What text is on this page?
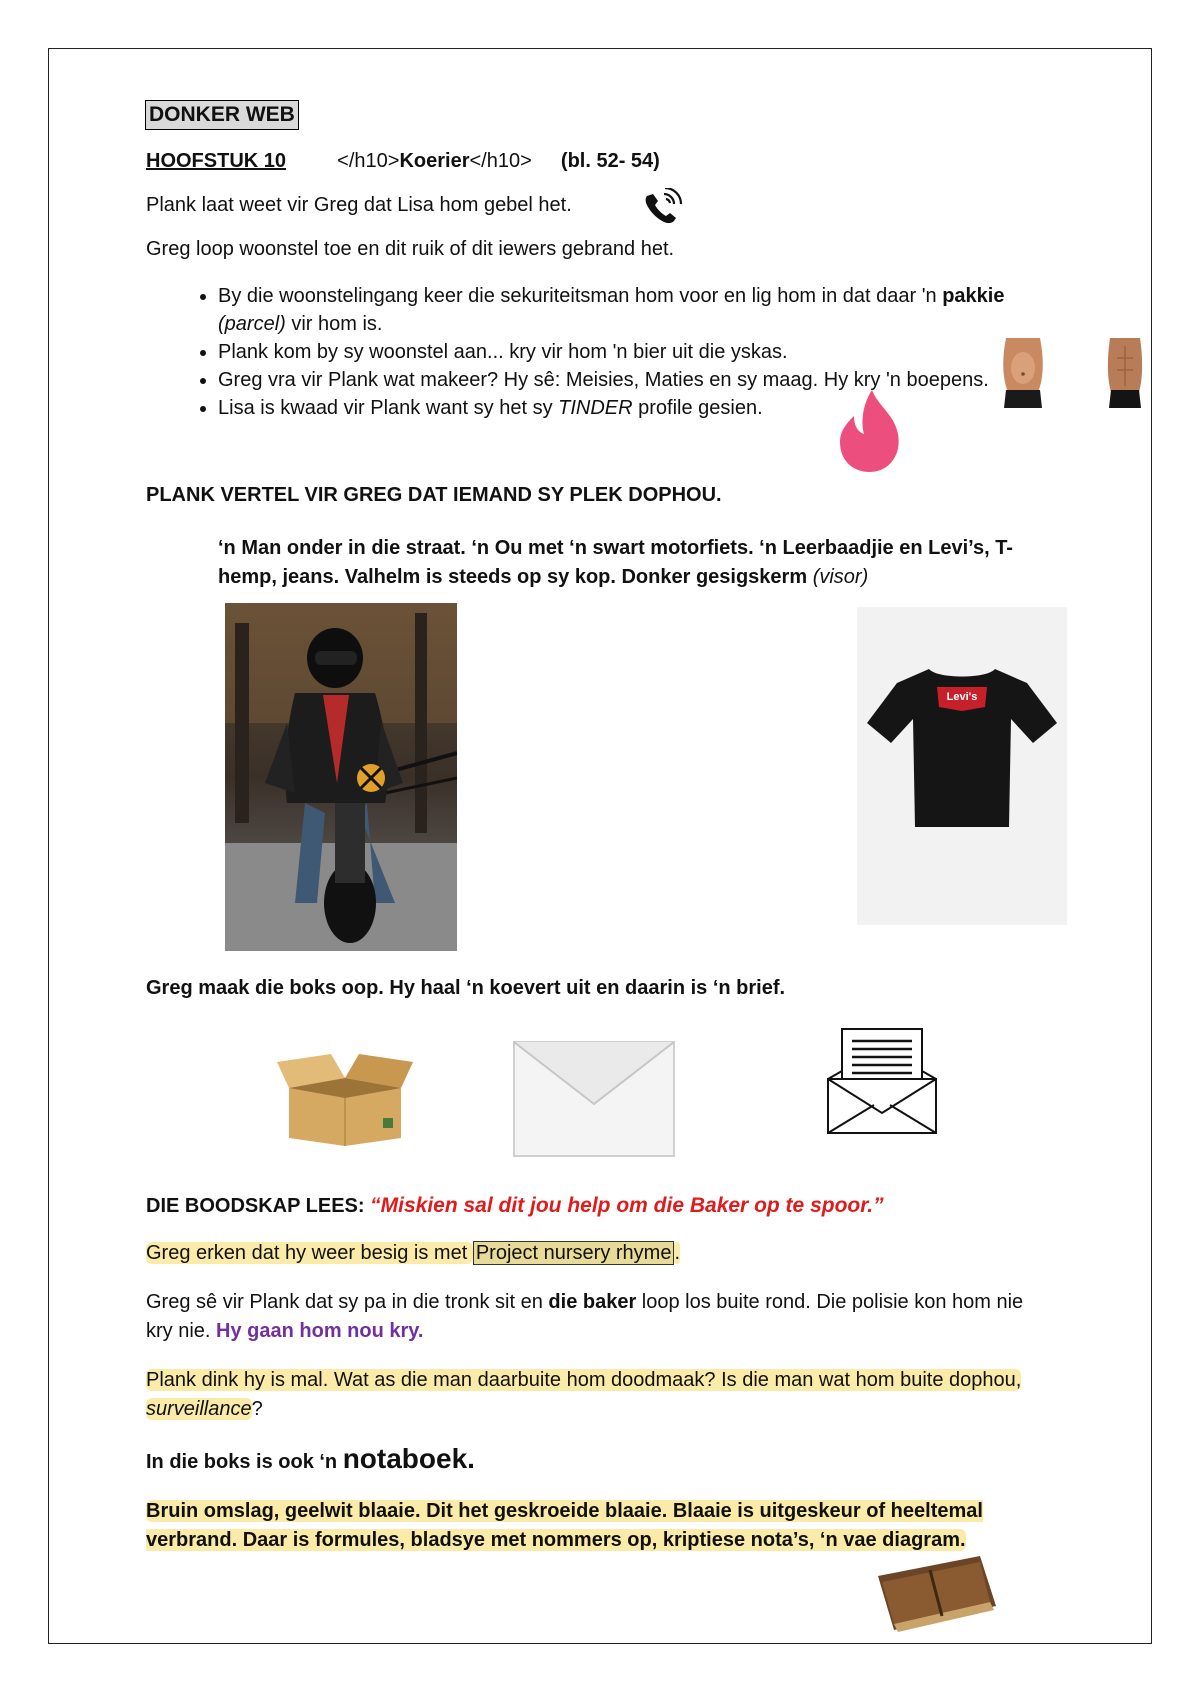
DONKER WEB
HOOFSTUK 10	</h10>Koerier</h10> (bl. 52- 54)
Plank laat weet vir Greg dat Lisa hom gebel het.
Greg loop woonstel toe en dit ruik of dit iewers gebrand het.
• By die woonstelingang keer die sekuriteitsman hom voor en lig hom in dat daar 'n pakkie (parcel) vir hom is.
• Plank kom by sy woonstel aan... kry vir hom 'n bier uit die yskas.
• Greg vra vir Plank wat makeer? Hy sê: Meisies, Maties en sy maag. Hy kry 'n boepens.
• Lisa is kwaad vir Plank want sy het sy TINDER profile gesien.
PLANK VERTEL VIR GREG DAT IEMAND SY PLEK DOPHOU.
‘n Man onder in die straat. ‘n Ou met ‘n swart motorfiets. ‘n Leerbaadjie en Levi’s, T-hemp, jeans. Valhelm is steeds op sy kop. Donker gesigskerm (visor)
Levi's
Greg maak die boks oop. Hy haal ‘n koevert uit en daarin is ‘n brief.
DIE BOODSKAP LEES: “Miskien sal dit jou help om die Baker op te spoor.”
Greg erken dat hy weer besig is met Project nursery rhyme .
Greg sê vir Plank dat sy pa in die tronk sit en die baker loop los buite rond. Die polisie kon hom nie kry nie. Hy gaan hom nou kry.
Plank dink hy is mal. Wat as die man daarbuite hom doodmaak? Is die man wat hom buite dophou, surveillance?
In die boks is ook ‘n notaboek.
Bruin omslag, geelwit blaaie. Dit het geskroeide blaaie. Blaaie is uitgeskeur of heeltemal verbrand. Daar is formules, bladsye met nommers op, kriptiese nota’s, ‘n vae diagram.
